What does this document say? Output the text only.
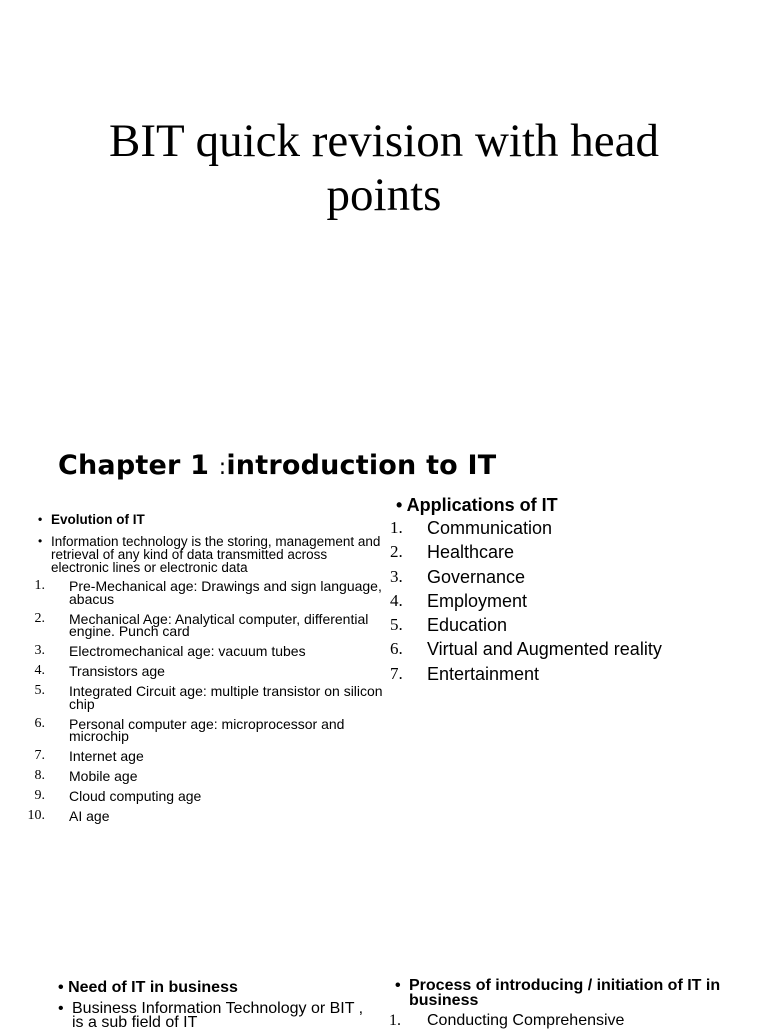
BIT quick revision with head points
Chapter 1 :introduction to IT
• Evolution of IT
• Information technology is the storing, management and retrieval of any kind of data transmitted across electronic lines or electronic data
1. Pre-Mechanical age: Drawings and sign language, abacus
2. Mechanical Age: Analytical computer, differential engine. Punch card
3. Electromechanical age: vacuum tubes
4. Transistors age
5. Integrated Circuit age: multiple transistor on silicon chip
6. Personal computer age: microprocessor and microchip
7. Internet age
8. Mobile age
9. Cloud computing age
10. AI age
• Applications of IT
1. Communication
2. Healthcare
3. Governance
4. Employment
5. Education
6. Virtual and Augmented reality
7. Entertainment
• Need of IT in business
• Business Information Technology or BIT , is a sub field of IT
• Process of introducing / initiation of IT in business
1. Conducting Comprehensive
